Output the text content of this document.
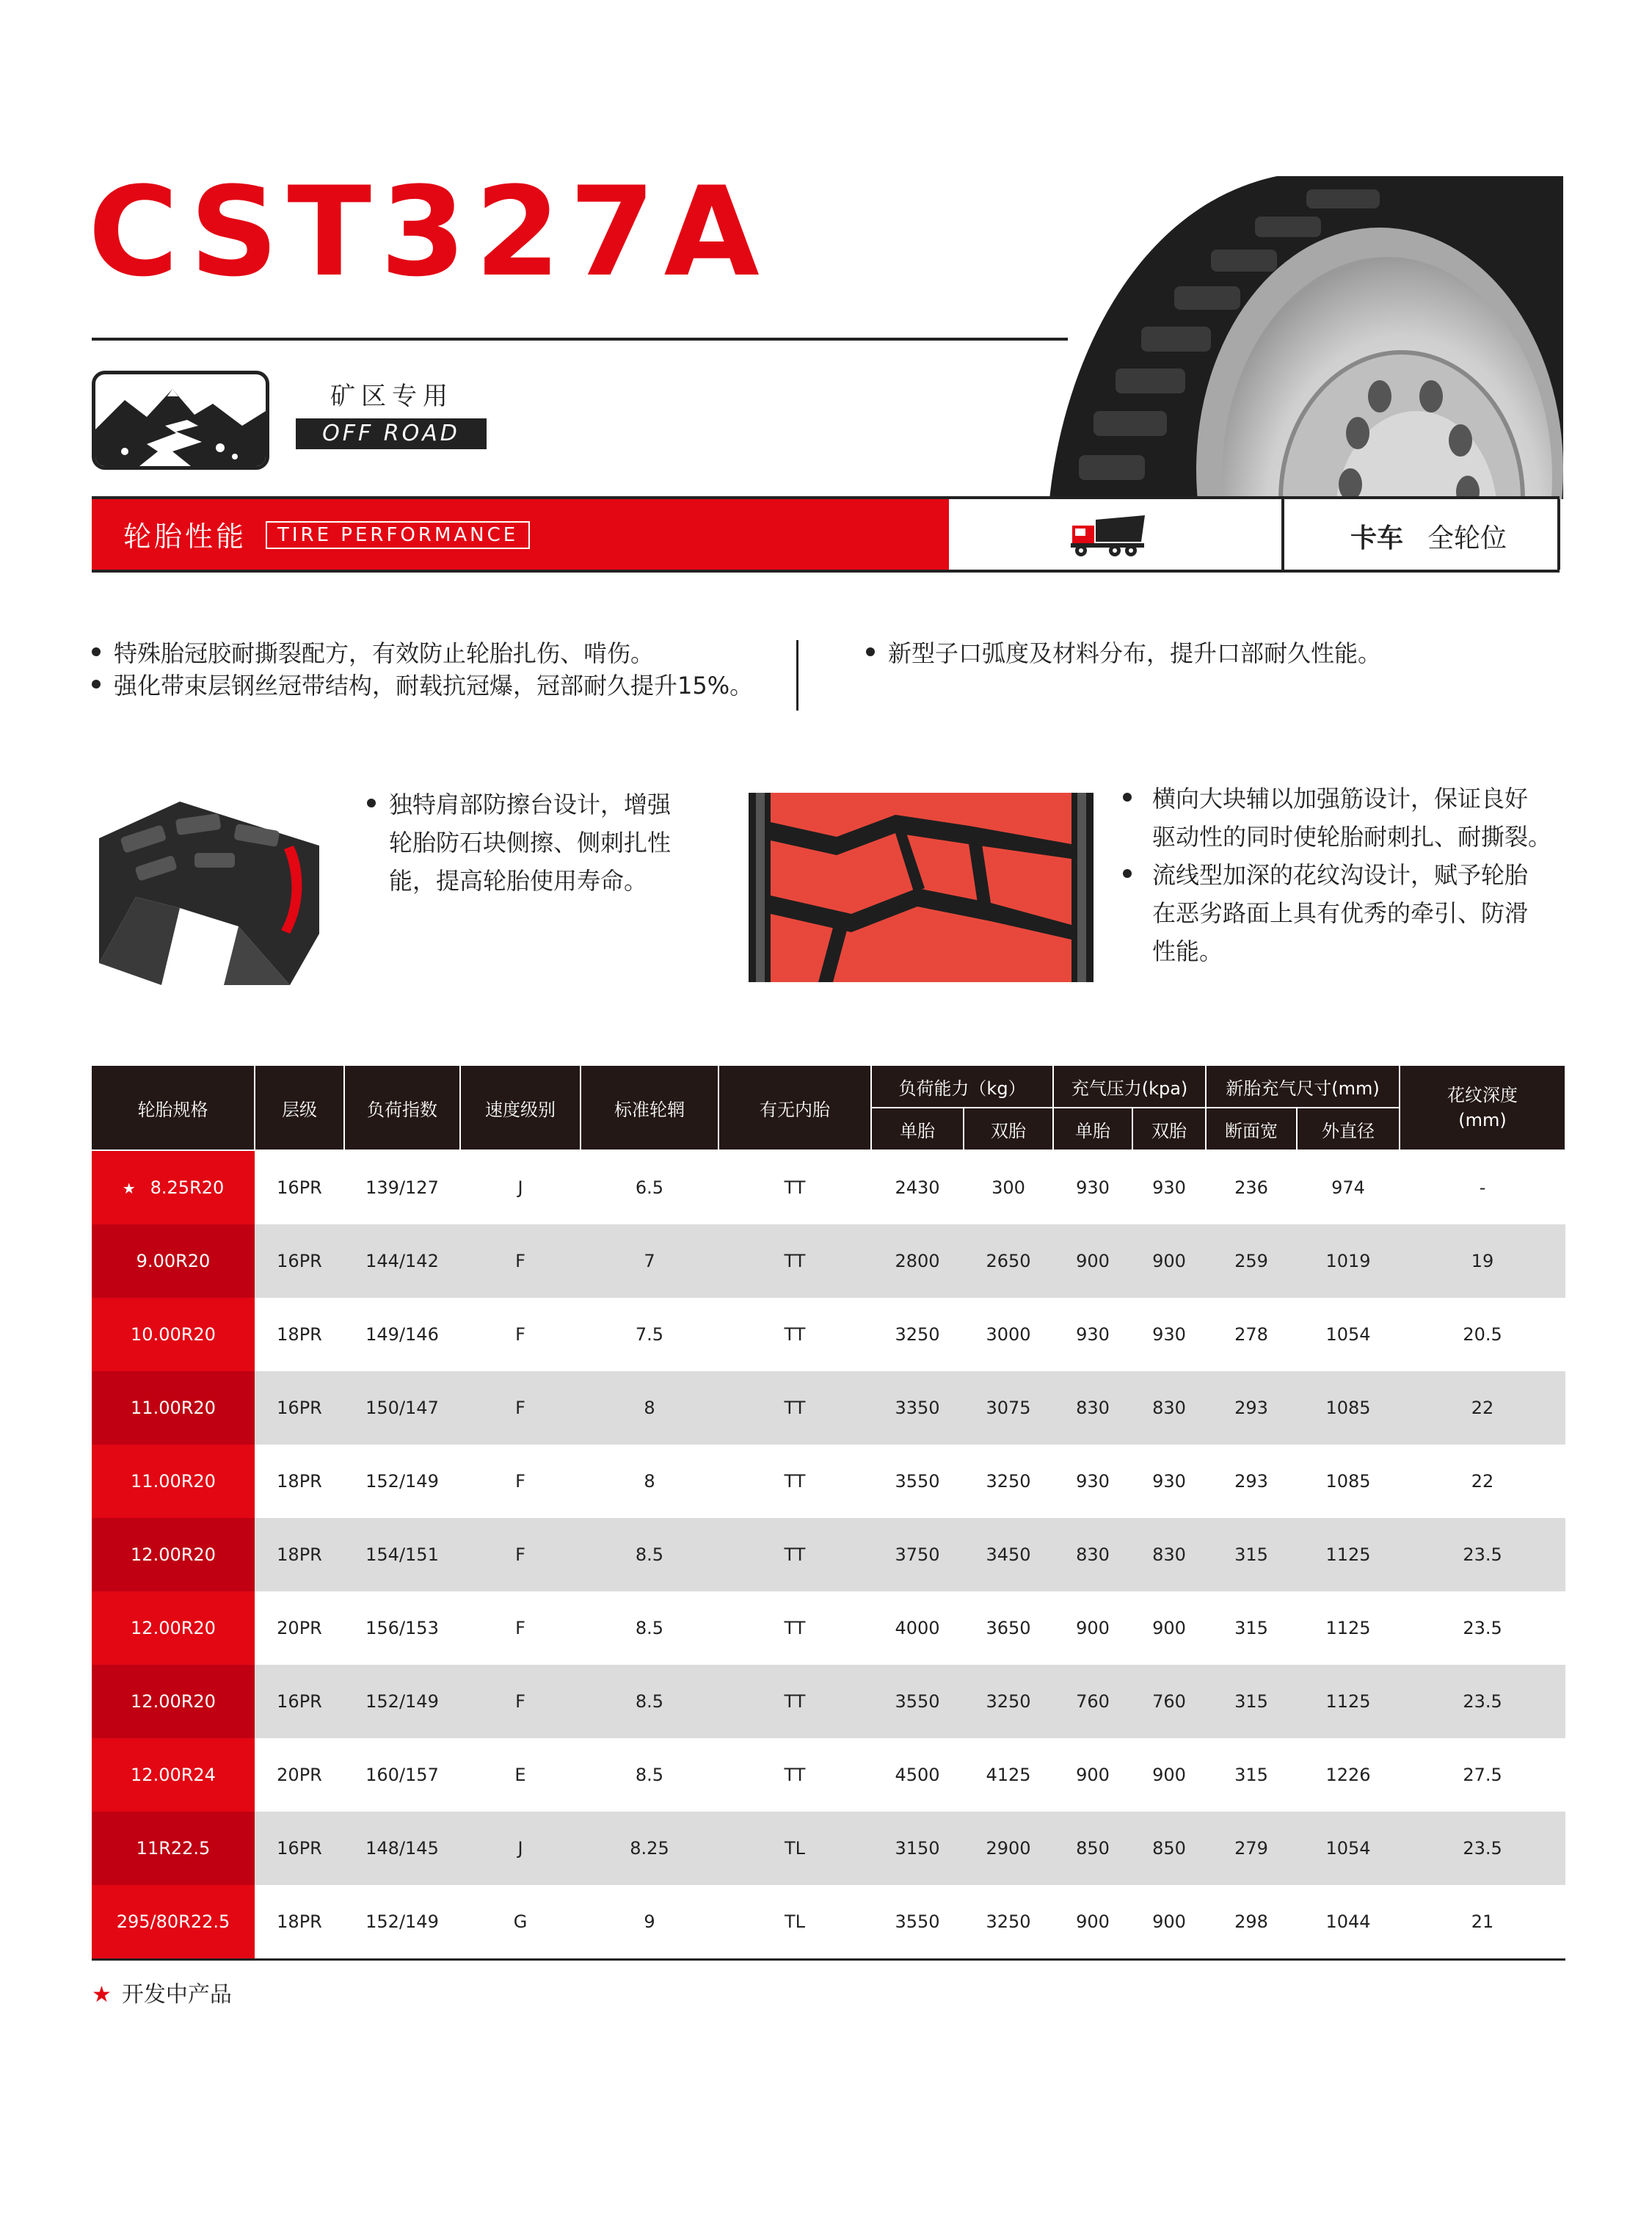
CST327A
矿区专用
OFF ROAD
轮胎性能	TIRE PERFORMANCE	卡车 全轮位
特殊胎冠胶耐撕裂配方，有效防止轮胎扎伤、啃伤。
强化带束层钢丝冠带结构，耐载抗冠爆，冠部耐久提升15%。
新型子口弧度及材料分布，提升口部耐久性能。
独特肩部防擦台设计，增强
轮胎防石块侧擦、侧刺扎性
能，提高轮胎使用寿命。
横向大块辅以加强筋设计，保证良好
驱动性的同时使轮胎耐刺扎、耐撕裂。
流线型加深的花纹沟设计，赋予轮胎
在恶劣路面上具有优秀的牵引、防滑
性能。
轮胎规格	层级	负荷指数	速度级别	标准轮辋	有无内胎	负荷能力（kg）		充气压力(kpa)		新胎充气尺寸(mm)		花纹深度
(mm)

						单胎	双胎	单胎	双胎	断面宽	外直径	
★ 8.25R20	16PR	139/127	J	6.5	TT	2430	300	930	930	236	974	-
9.00R20	16PR	144/142	F	7	TT	2800	2650	900	900	259	1019	19
10.00R20	18PR	149/146	F	7.5	TT	3250	3000	930	930	278	1054	20.5
11.00R20	16PR	150/147	F	8	TT	3350	3075	830	830	293	1085	22
11.00R20	18PR	152/149	F	8	TT	3550	3250	930	930	293	1085	22
12.00R20	18PR	154/151	F	8.5	TT	3750	3450	830	830	315	1125	23.5
12.00R20	20PR	156/153	F	8.5	TT	4000	3650	900	900	315	1125	23.5
12.00R20	16PR	152/149	F	8.5	TT	3550	3250	760	760	315	1125	23.5
12.00R24	20PR	160/157	E	8.5	TT	4500	4125	900	900	315	1226	27.5
11R22.5	16PR	148/145	J	8.25	TL	3150	2900	850	850	279	1054	23.5
295/80R22.5	18PR	152/149	G	9	TL	3550	3250	900	900	298	1044	21
★ 开发中产品
